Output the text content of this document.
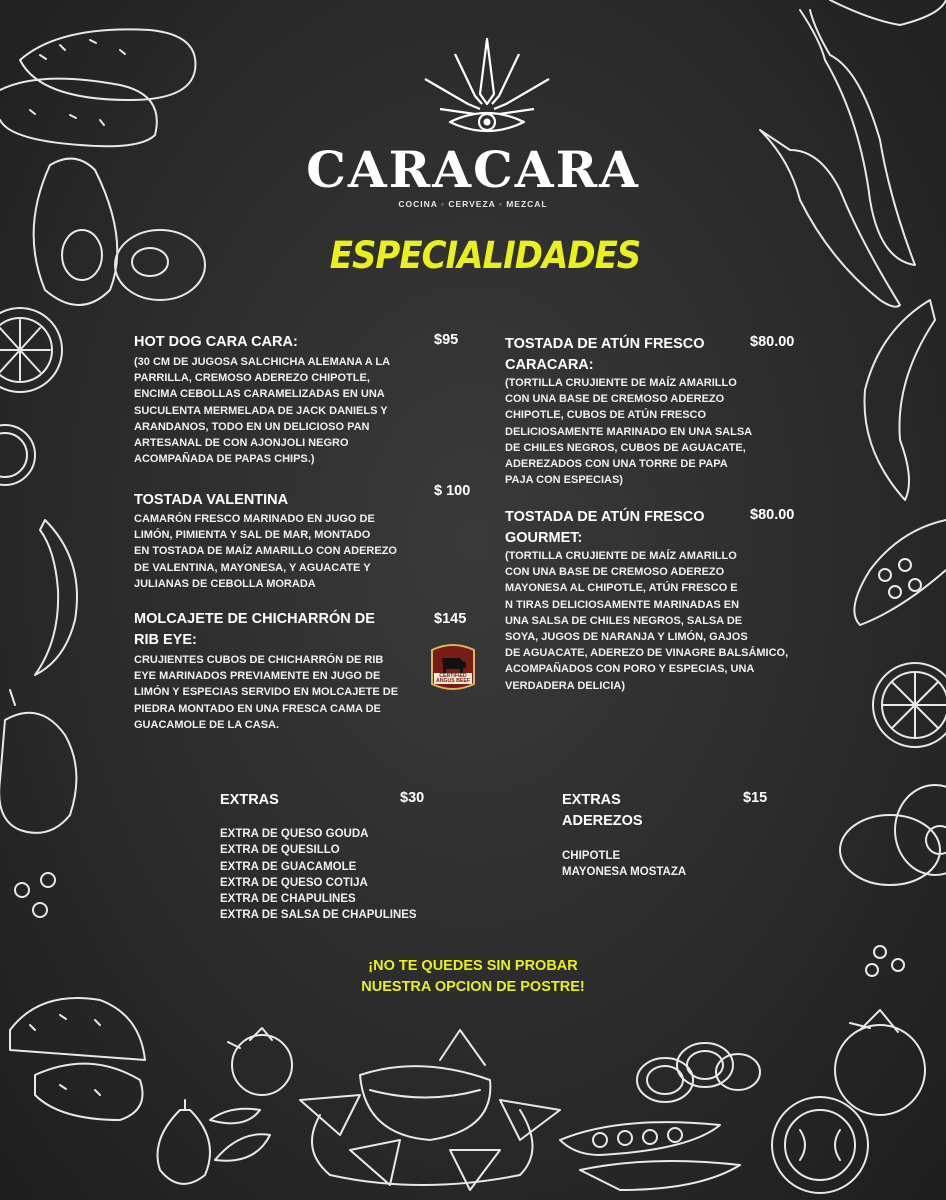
CARACARA
COCINA ◦ CERVEZA ◦ MEZCAL
ESPECIALIDADES
HOT DOG CARA CARA:	$95
(30 CM DE JUGOSA SALCHICHA ALEMANA A LA
PARRILLA, CREMOSO ADEREZO CHIPOTLE,
ENCIMA CEBOLLAS CARAMELIZADAS EN UNA
SUCULENTA MERMELADA DE JACK DANIELS Y
ARANDANOS, TODO EN UN DELICIOSO PAN
ARTESANAL DE CON AJONJOLI NEGRO
ACOMPAÑADA DE PAPAS CHIPS.)
TOSTADA VALENTINA
$ 100
CAMARÓN FRESCO MARINADO EN JUGO DE
LIMÓN, PIMIENTA Y SAL DE MAR, MONTADO
EN TOSTADA DE MAÍZ AMARILLO CON ADEREZO
DE VALENTINA, MAYONESA, Y AGUACATE Y
JULIANAS DE CEBOLLA MORADA
MOLCAJETE DE CHICHARRÓN DE
RIB EYE:
$145
CRUJIENTES CUBOS DE CHICHARRÓN DE RIB
EYE MARINADOS PREVIAMENTE EN JUGO DE
LIMÓN Y ESPECIAS SERVIDO EN MOLCAJETE DE
PIEDRA MONTADO EN UNA FRESCA CAMA DE
GUACAMOLE DE LA CASA.
CERTIFIED ANGUS BEEF
TOSTADA DE ATÚN FRESCO
CARACARA:
$80.00
(TORTILLA CRUJIENTE DE MAÍZ AMARILLO
CON UNA BASE DE CREMOSO ADEREZO
CHIPOTLE, CUBOS DE ATÚN FRESCO
DELICIOSAMENTE MARINADO EN UNA SALSA
DE CHILES NEGROS, CUBOS DE AGUACATE,
ADEREZADOS CON UNA TORRE DE PAPA
PAJA CON ESPECIAS)
TOSTADA DE ATÚN FRESCO
GOURMET:
$80.00
(TORTILLA CRUJIENTE DE MAÍZ AMARILLO
CON UNA BASE DE CREMOSO ADEREZO
MAYONESA AL CHIPOTLE, ATÚN FRESCO E
N TIRAS DELICIOSAMENTE MARINADAS EN
UNA SALSA DE CHILES NEGROS, SALSA DE
SOYA, JUGOS DE NARANJA Y LIMÓN, GAJOS
DE AGUACATE, ADEREZO DE VINAGRE BALSÁMICO,
ACOMPAÑADOS CON PORO Y ESPECIAS, UNA
VERDADERA DELICIA)
EXTRAS	$30
EXTRA DE QUESO GOUDA
EXTRA DE QUESILLO
EXTRA DE GUACAMOLE
EXTRA DE QUESO COTIJA
EXTRA DE CHAPULINES
EXTRA DE SALSA DE CHAPULINES
EXTRAS
ADEREZOS
$15
CHIPOTLE
MAYONESA MOSTAZA
¡NO TE QUEDES SIN PROBAR
NUESTRA OPCION DE POSTRE!
